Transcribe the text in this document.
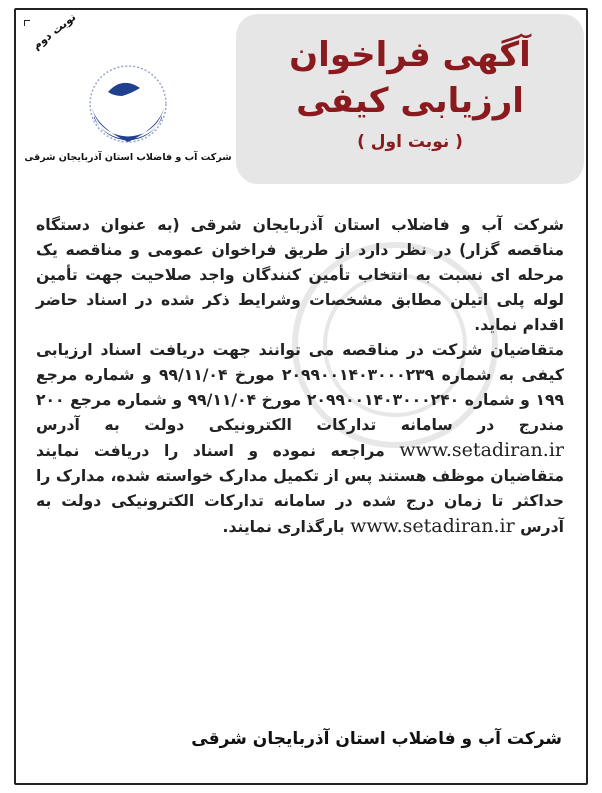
نوبت دوم
شرکت آب و فاضلاب استان آذربایجان شرقی
آگهی فراخوان
ارزیابی کیفی
( نوبت اول )

شرکت آب و فاضلاب استان آذربایجان شرقی (به عنوان دستگاه مناقصه گزار) در نظر دارد از طریق فراخوان عمومی و مناقصه یک مرحله ای نسبت به انتخاب تأمین کنندگان واجد صلاحیت جهت تأمین لوله پلی اتیلن مطابق مشخصات وشرایط ذکر شده در اسناد حاضر اقدام نماید.

متقاضیان شرکت در مناقصه می توانند جهت دریافت اسناد ارزیابی کیفی به شماره ۲۰۹۹۰۰۱۴۰۳۰۰۰۲۳۹ مورخ ۹۹/۱۱/۰۴ و شماره مرجع ۱۹۹ و شماره ۲۰۹۹۰۰۱۴۰۳۰۰۰۲۴۰ مورخ ۹۹/۱۱/۰۴ و شماره مرجع ۲۰۰ مندرج در سامانه تدارکات الکترونیکی دولت به آدرس www.setadiran.ir مراجعه نموده و اسناد را دریافت نمایند متقاضیان موظف هستند پس از تکمیل مدارک خواسته شده، مدارک را حداکثر تا زمان درج شده در سامانه تدارکات الکترونیکی دولت به آدرس www.setadiran.ir بارگذاری نمایند.

شرکت آب و فاضلاب استان آذربایجان شرقی
